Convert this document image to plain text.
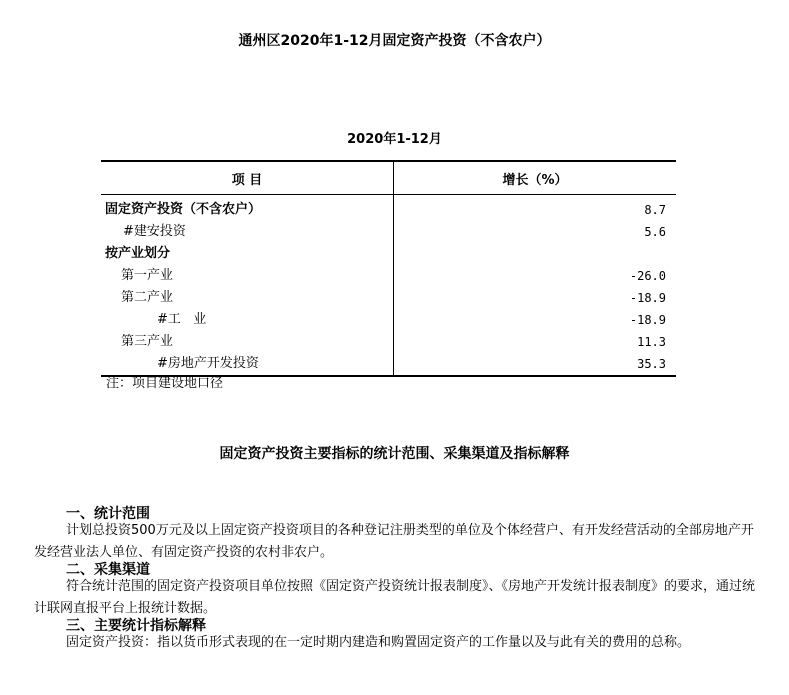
通州区2020年1-12月固定资产投资（不含农户）
2020年1-12月
项 目	增长（%）
固定资产投资（不含农户）	8.7
#建安投资	5.6
按产业划分	
第一产业	-26.0
第二产业	-18.9
#工   业	-18.9
第三产业	11.3
#房地产开发投资	35.3
注：项目建设地口径
固定资产投资主要指标的统计范围、采集渠道及指标解释
一、统计范围
计划总投资500万元及以上固定资产投资项目的各种登记注册类型的单位及个体经营户、有开发经营活动的全部房地产开发经营业法人单位、有固定资产投资的农村非农户。
二、采集渠道
符合统计范围的固定资产投资项目单位按照《固定资产投资统计报表制度》、《房地产开发统计报表制度》的要求，通过统计联网直报平台上报统计数据。
三、主要统计指标解释
固定资产投资：指以货币形式表现的在一定时期内建造和购置固定资产的工作量以及与此有关的费用的总称。
